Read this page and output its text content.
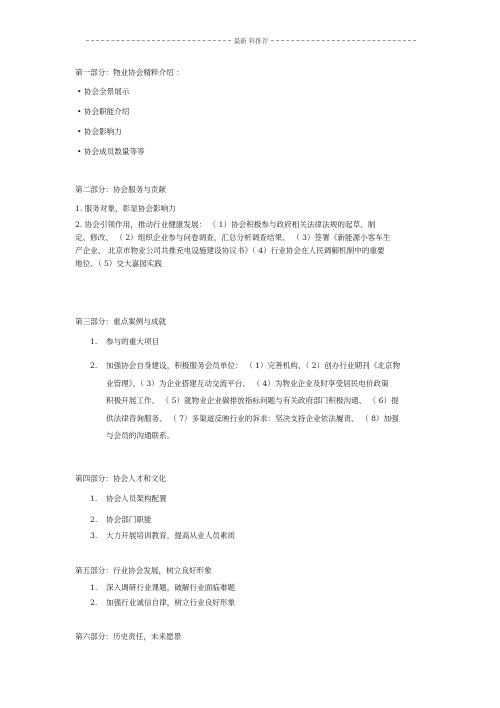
最新 料推荐
第一部分：物业协会精粹介绍 ：
• 协会全景展示
• 协会职能介绍
• 协会影响力
• 协会成员数量等等
第二部分：协会服务与贡献
1. 服务对象，彰显协会影响力
2. 协会引领作用，推动行业健康发展： （ 1）协会积极参与政府相关法律法规的起草、制
定、修改、 （ 2）组织企业参与问卷调查，汇总分析调查结果、 （ 3）签署《新能源小客车生
产企业、 北京市物业公司共推充电设施建设协议书》（ 4）行业协会在人民调解机制中的重要
地位、（ 5）交大嘉园实践
第三部分：重点案例与成就
1. 参与的重大项目
2.	加强协会自身建设，积极服务会员单位： （ 1）完善机构、（ 2）创办行业期刊《北京物
业管理》、（ 3）为企业搭建互动交流平台、 （ 4）为物业企业及时享受居民电价政策
积极开展工作、 （ 5）就物业企业碳排放指标问题与有关政府部门积极沟通、 （ 6）提
供法律咨询服务、 （ 7）多渠道反映行业的诉求：坚决支持企业依法履责、 （ 8）加强
与会员的沟通联系。
第四部分：协会人才和文化
1. 协会人员架构配置
2. 协会部门职能
3. 大力开展培训教育，提高从业人员素质
第五部分：行业协会发展，树立良好形象
1. 深入调研行业课题，破解行业面临难题
2. 加强行业诚信自律，树立行业良好形象
第六部分：历史责任，未来愿景
